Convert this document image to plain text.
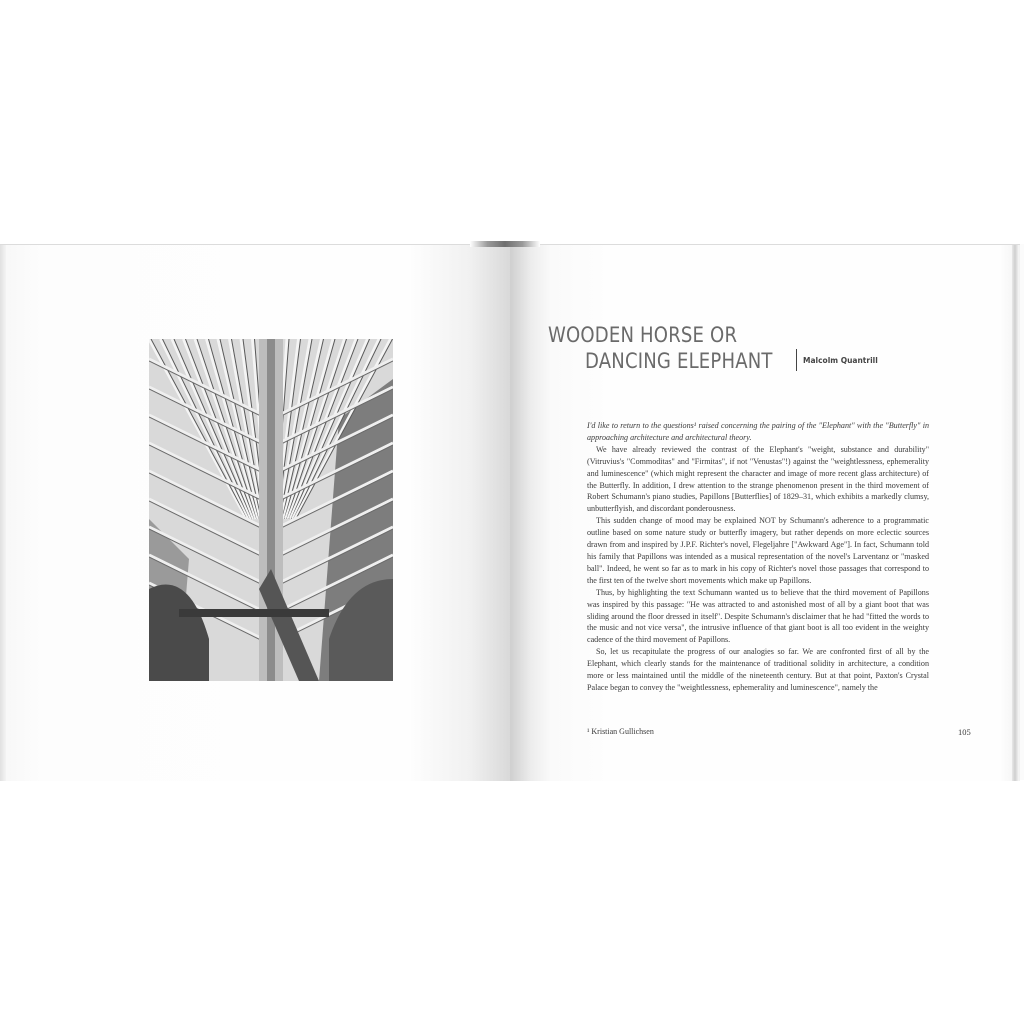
WOODEN HORSE OR
DANCING ELEPHANT	Malcolm Quantrill

I'd like to return to the questions¹ raised concerning the pairing of the "Elephant" with the "Butterfly" in approaching architecture and architectural theory.

We have already reviewed the contrast of the Elephant's "weight, substance and durability" (Vitruvius's "Commoditas" and "Firmitas", if not "Venustas"!) against the "weightlessness, ephemerality and luminescence" (which might represent the character and image of more recent glass architecture) of the Butterfly. In addition, I drew attention to the strange phenomenon present in the third movement of Robert Schumann's piano studies, Papillons [Butterflies] of 1829–31, which exhibits a markedly clumsy, unbutterflyish, and discordant ponderousness.

This sudden change of mood may be explained NOT by Schumann's adherence to a programmatic outline based on some nature study or butterfly imagery, but rather depends on more eclectic sources drawn from and inspired by J.P.F. Richter's novel, Flegeljahre ["Awkward Age"]. In fact, Schumann told his family that Papillons was intended as a musical representation of the novel's Larventanz or "masked ball". Indeed, he went so far as to mark in his copy of Richter's novel those passages that correspond to the first ten of the twelve short movements which make up Papillons.

Thus, by highlighting the text Schumann wanted us to believe that the third movement of Papillons was inspired by this passage: "He was attracted to and astonished most of all by a giant boot that was sliding around the floor dressed in itself". Despite Schumann's disclaimer that he had "fitted the words to the music and not vice versa", the intrusive influence of that giant boot is all too evident in the weighty cadence of the third movement of Papillons.

So, let us recapitulate the progress of our analogies so far. We are confronted first of all by the Elephant, which clearly stands for the maintenance of traditional solidity in architecture, a condition more or less maintained until the middle of the nineteenth century. But at that point, Paxton's Crystal Palace began to convey the "weightlessness, ephemerality and luminescence", namely the

¹ Kristian Gullichsen	105
